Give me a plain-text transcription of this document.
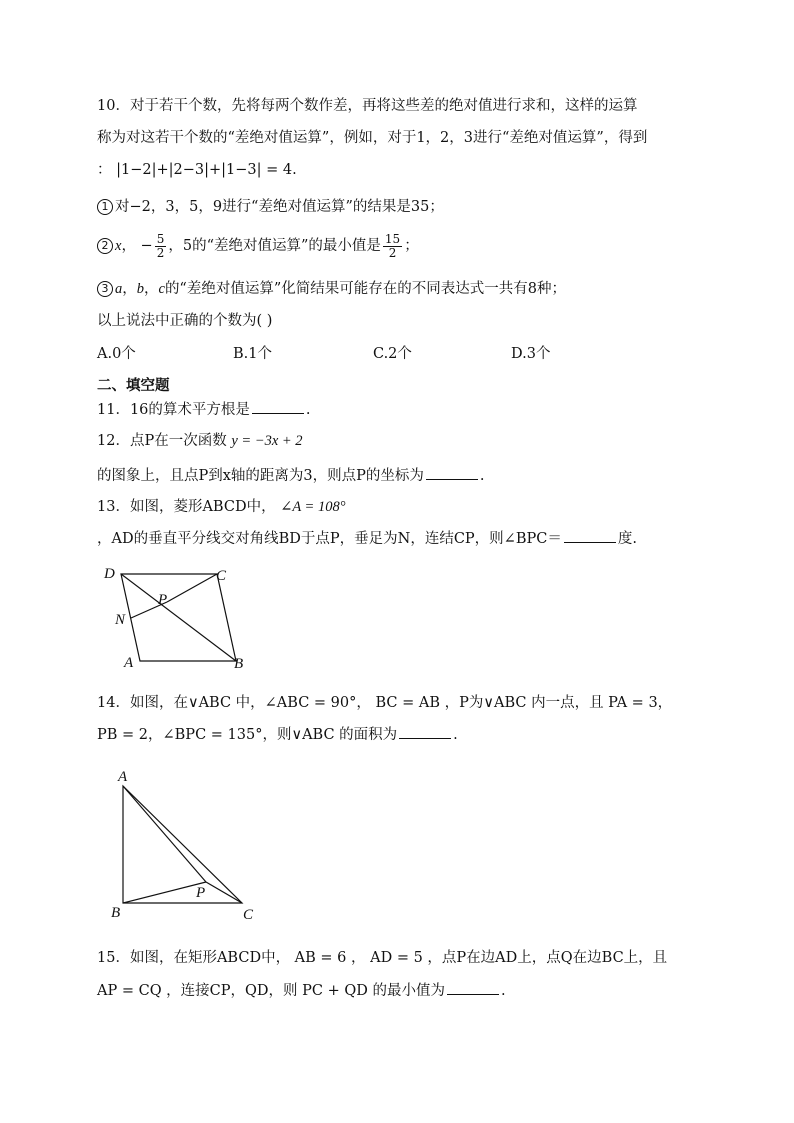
10．对于若干个数，先将每两个数作差，再将这些差的绝对值进行求和，这样的运算
称为对这若干个数的“差绝对值运算”，例如，对于1，2，3进行“差绝对值运算”，得到
： |1−2|+|2−3|+|1−3| = 4.
1 对−2，3，5，9进行“差绝对值运算”的结果是35；
2 x， − $\frac{5}{2}$ ，5的“差绝对值运算”的最小值是 $\frac{15}{2}$ ；
3 a，b，c的“差绝对值运算”化简结果可能存在的不同表达式一共有8种；
以上说法中正确的个数为( )
A.0个	B.1个	C.2个	D.3个
二、填空题
11．16的算术平方根是	.
12．点P在一次函数 y = −3x + 2
的图象上，且点P到x轴的距离为3，则点P的坐标为	.
13．如图，菱形ABCD中， ∠A = 108°
，AD的垂直平分线交对角线BD于点P，垂足为N，连结CP，则∠BPC＝	度.
D	C
P
N
A	B
14．如图，在∨ABC 中，∠ABC = 90°， BC = AB ，P为∨ABC 内一点，且 PA = 3，
PB = 2，∠BPC = 135°，则∨ABC 的面积为	.
A
P
B	C
15．如图，在矩形ABCD中， AB = 6 ， AD = 5 ，点P在边AD上，点Q在边BC上，且
AP = CQ ，连接CP，QD，则 PC + QD 的最小值为	.
